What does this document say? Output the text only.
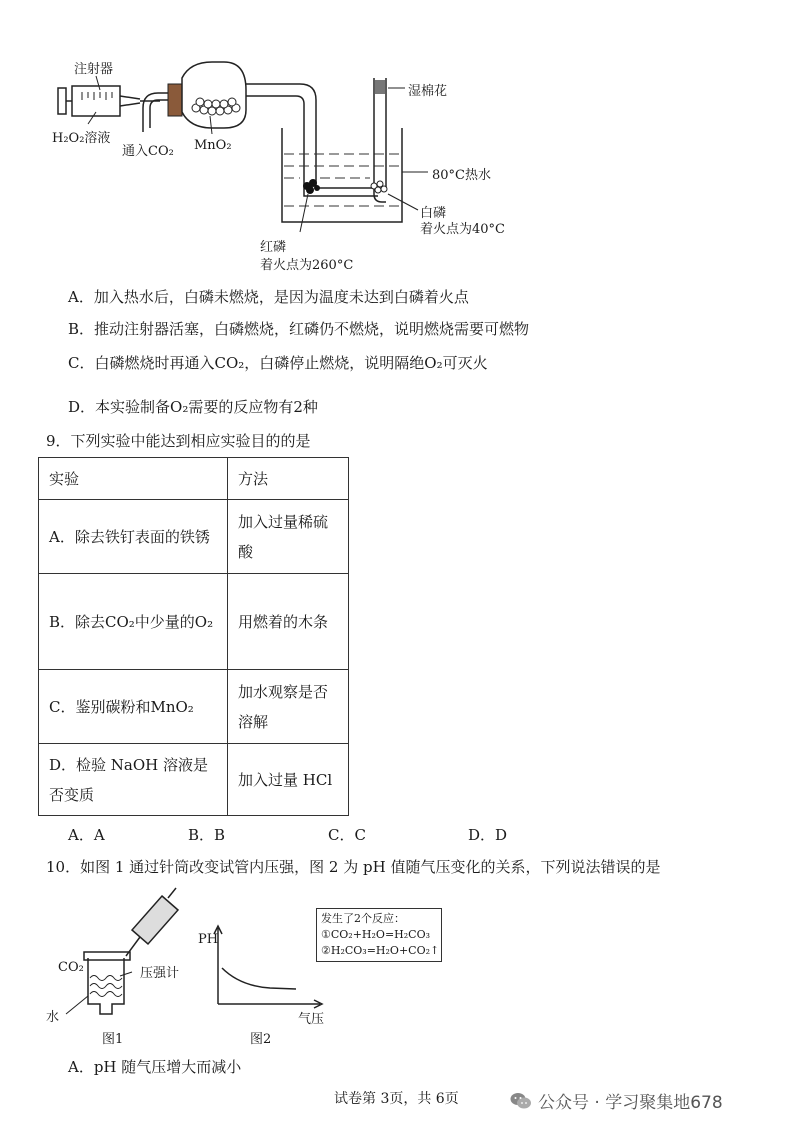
注射器
H₂O₂溶液
通入CO₂ MnO₂
湿棉花
80°C热水
白磷
着火点为40°C
红磷
着火点为260°C
A．加入热水后，白磷未燃烧，是因为温度未达到白磷着火点
B．推动注射器活塞，白磷燃烧，红磷仍不燃烧，说明燃烧需要可燃物
C．白磷燃烧时再通入CO₂，白磷停止燃烧，说明隔绝O₂可灭火
D．本实验制备O₂需要的反应物有2种
9．下列实验中能达到相应实验目的的是
实验	方法
A．除去铁钉表面的铁锈	加入过量稀硫酸
B．除去CO₂中少量的O₂	用燃着的木条
C．鉴别碳粉和MnO₂	加水观察是否溶解
D．检验 NaOH 溶液是否变质	加入过量 HCl
A．A	B．B	C．C	D．D
10．如图 1 通过针筒改变试管内压强，图 2 为 pH 值随气压变化的关系，下列说法错误的是
CO₂	压强计
水
图1
PH
气压
图2
发生了2个反应：
①CO₂+H₂O=H₂CO₃
②H₂CO₃=H₂O+CO₂↑
A．pH 随气压增大而减小
试卷第 3页，共 6页	公众号 · 学习聚集地678
